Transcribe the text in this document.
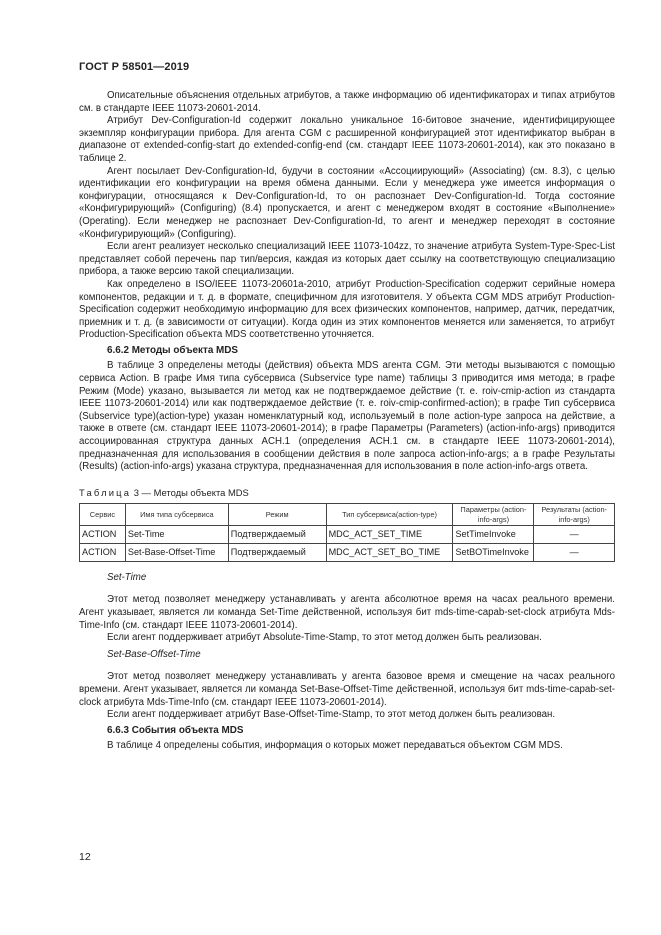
ГОСТ Р 58501—2019

Описательные объяснения отдельных атрибутов, а также информацию об идентификаторах и типах атрибутов см. в стандарте IEEE 11073-20601-2014.

Атрибут Dev-Configuration-Id содержит локально уникальное 16-битовое значение, идентифицирующее экземпляр конфигурации прибора. Для агента CGM с расширенной конфигурацией этот идентификатор выбран в диапазоне от extended-config-start до extended-config-end (см. стандарт IEEE 11073-20601-2014), как это показано в таблице 2.

Агент посылает Dev-Configuration-Id, будучи в состоянии «Ассоциирующий» (Associating) (см. 8.3), с целью идентификации его конфигурации на время обмена данными. Если у менеджера уже имеется информация о конфигурации, относящаяся к Dev-Configuration-Id, то он распознает Dev-Configuration-Id. Тогда состояние «Конфигурирующий» (Configuring) (8.4) пропускается, и агент с менеджером входят в состояние «Выполнение» (Operating). Если менеджер не распознает Dev-Configuration-Id, то агент и менеджер переходят в состояние «Конфигурирующий» (Configuring).

Если агент реализует несколько специализаций IEEE 11073-104zz, то значение атрибута System-Type-Spec-List представляет собой перечень пар тип/версия, каждая из которых дает ссылку на соответствующую специализацию прибора, а также версию такой специализации.

Как определено в ISO/IEEE 11073-20601a-2010, атрибут Production-Specification содержит серийные номера компонентов, редакции и т. д. в формате, специфичном для изготовителя. У объекта CGM MDS атрибут Production-Specification содержит необходимую информацию для всех физических компонентов, например, датчик, передатчик, приемник и т. д. (в зависимости от ситуации). Когда один из этих компонентов меняется или заменяется, то атрибут Production-Specification объекта MDS соответственно уточняется.

6.6.2 Методы объекта MDS

В таблице 3 определены методы (действия) объекта MDS агента CGM. Эти методы вызываются с помощью сервиса Action. В графе Имя типа субсервиса (Subservice type name) таблицы 3 приводится имя метода; в графе Режим (Mode) указано, вызывается ли метод как не подтверждаемое действие (т. е. roiv-cmip-action из стандарта IEEE 11073-20601-2014) или как подтверждаемое действие (т. е. roiv-cmip-confirmed-action); в графе Тип субсервиса (Subservice type)(action-type) указан номенклатурный код, используемый в поле action-type запроса на действие, а также в ответе (см. стандарт IEEE 11073-20601-2014); в графе Параметры (Parameters) (action-info-args) приводится ассоциированная структура данных ACH.1 (определения ACH.1 см. в стандарте IEEE 11073-20601-2014), предназначенная для использования в сообщении действия в поле запроса action-info-args; а в графе Результаты (Results) (action-info-args) указана структура, предназначенная для использования в поле action-info-args ответа.

Таблица 3 — Методы объекта MDS
Сервис	Имя типа субсервиса	Режим	Тип субсервиса(action-type)	Параметры (action-info-args)	Результаты (action-info-args)
ACTION	Set-Time	Подтверждаемый	MDC_ACT_SET_TIME	SetTimeInvoke	—
ACTION	Set-Base-Offset-Time	Подтверждаемый	MDC_ACT_SET_BO_TIME	SetBOTimeInvoke	—
Set-Time

Этот метод позволяет менеджеру устанавливать у агента абсолютное время на часах реального времени. Агент указывает, является ли команда Set-Time действенной, используя бит mds-time-capab-set-clock атрибута Mds-Time-Info (см. стандарт IEEE 11073-20601-2014).

Если агент поддерживает атрибут Absolute-Time-Stamp, то этот метод должен быть реализован.

Set-Base-Offset-Time

Этот метод позволяет менеджеру устанавливать у агента базовое время и смещение на часах реального времени. Агент указывает, является ли команда Set-Base-Offset-Time действенной, используя бит mds-time-capab-set-clock атрибута Mds-Time-Info (см. стандарт IEEE 11073-20601-2014).

Если агент поддерживает атрибут Base-Offset-Time-Stamp, то этот метод должен быть реализован.

6.6.3 События объекта MDS

В таблице 4 определены события, информация о которых может передаваться объектом CGM MDS.

12
